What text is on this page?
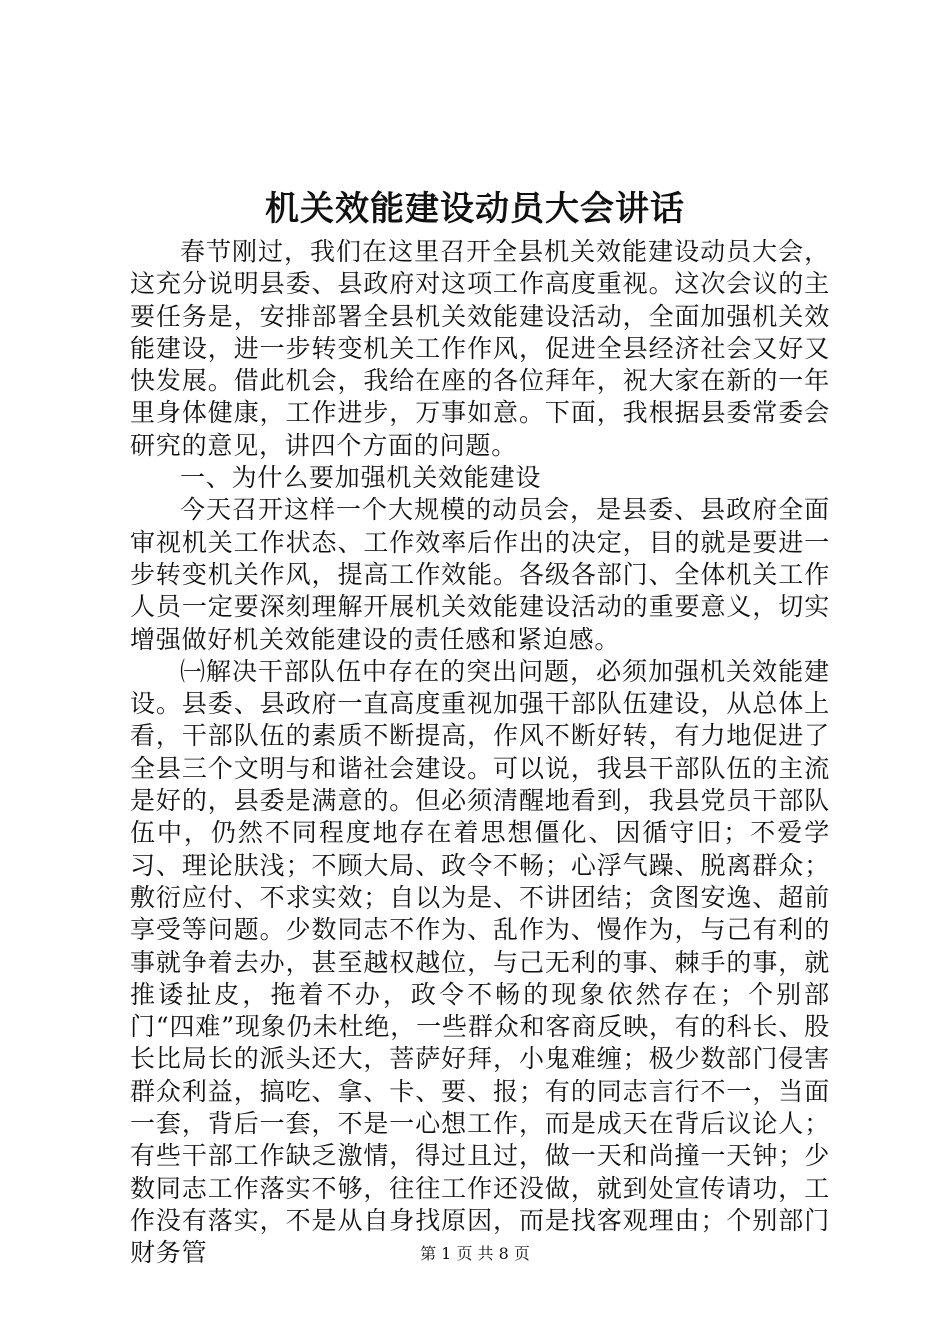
机关效能建设动员大会讲话

春节刚过，我们在这里召开全县机关效能建设动员大会，这充分说明县委、县政府对这项工作高度重视。这次会议的主要任务是，安排部署全县机关效能建设活动，全面加强机关效能建设，进一步转变机关工作作风，促进全县经济社会又好又快发展。借此机会，我给在座的各位拜年，祝大家在新的一年里身体健康，工作进步，万事如意。下面，我根据县委常委会研究的意见，讲四个方面的问题。

一、为什么要加强机关效能建设

今天召开这样一个大规模的动员会，是县委、县政府全面审视机关工作状态、工作效率后作出的决定，目的就是要进一步转变机关作风，提高工作效能。各级各部门、全体机关工作人员一定要深刻理解开展机关效能建设活动的重要意义，切实增强做好机关效能建设的责任感和紧迫感。

㈠解决干部队伍中存在的突出问题，必须加强机关效能建设。县委、县政府一直高度重视加强干部队伍建设，从总体上看，干部队伍的素质不断提高，作风不断好转，有力地促进了全县三个文明与和谐社会建设。可以说，我县干部队伍的主流是好的，县委是满意的。但必须清醒地看到，我县党员干部队伍中，仍然不同程度地存在着思想僵化、因循守旧；不爱学习、理论肤浅；不顾大局、政令不畅；心浮气躁、脱离群众；敷衍应付、不求实效；自以为是、不讲团结；贪图安逸、超前享受等问题。少数同志不作为、乱作为、慢作为，与己有利的事就争着去办，甚至越权越位，与己无利的事、棘手的事，就推诿扯皮，拖着不办，政令不畅的现象依然存在；个别部门“四难”现象仍未杜绝，一些群众和客商反映，有的科长、股长比局长的派头还大，菩萨好拜，小鬼难缠；极少数部门侵害群众利益，搞吃、拿、卡、要、报；有的同志言行不一，当面一套，背后一套，不是一心想工作，而是成天在背后议论人；有些干部工作缺乏激情，得过且过，做一天和尚撞一天钟；少数同志工作落实不够，往往工作还没做，就到处宣传请功，工作没有落实，不是从自身找原因，而是找客观理由；个别部门财务管	第 1 页 共 8 页
